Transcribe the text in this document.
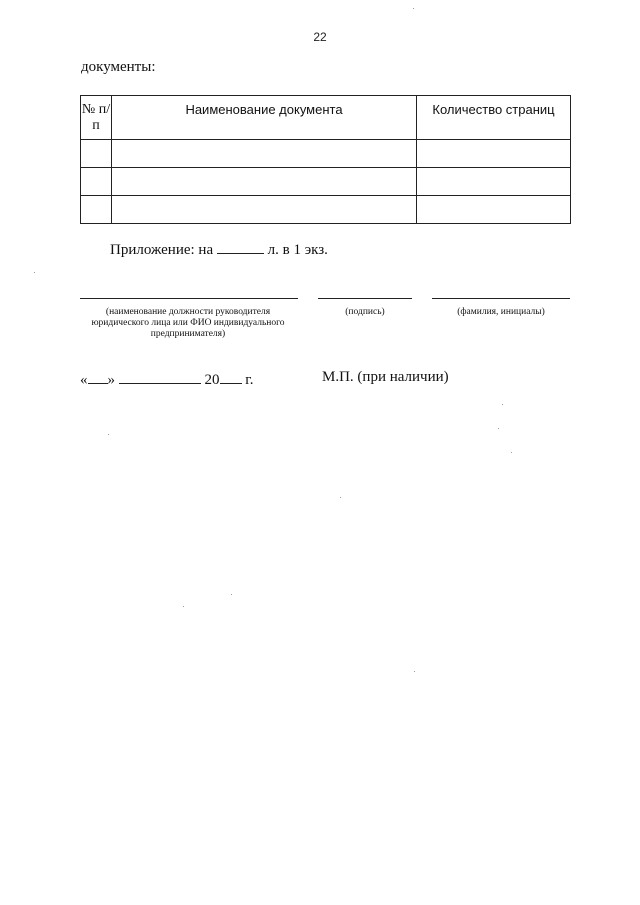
22
документы:
№ п/п	Наименование документа	Количество страниц

Приложение: на	л. в 1 экз.
(наименование должности руководителя юридического лица или ФИО индивидуального предпринимателя)
(подпись)	(фамилия, инициалы)
« »	20 г.	М.П. (при наличии)
